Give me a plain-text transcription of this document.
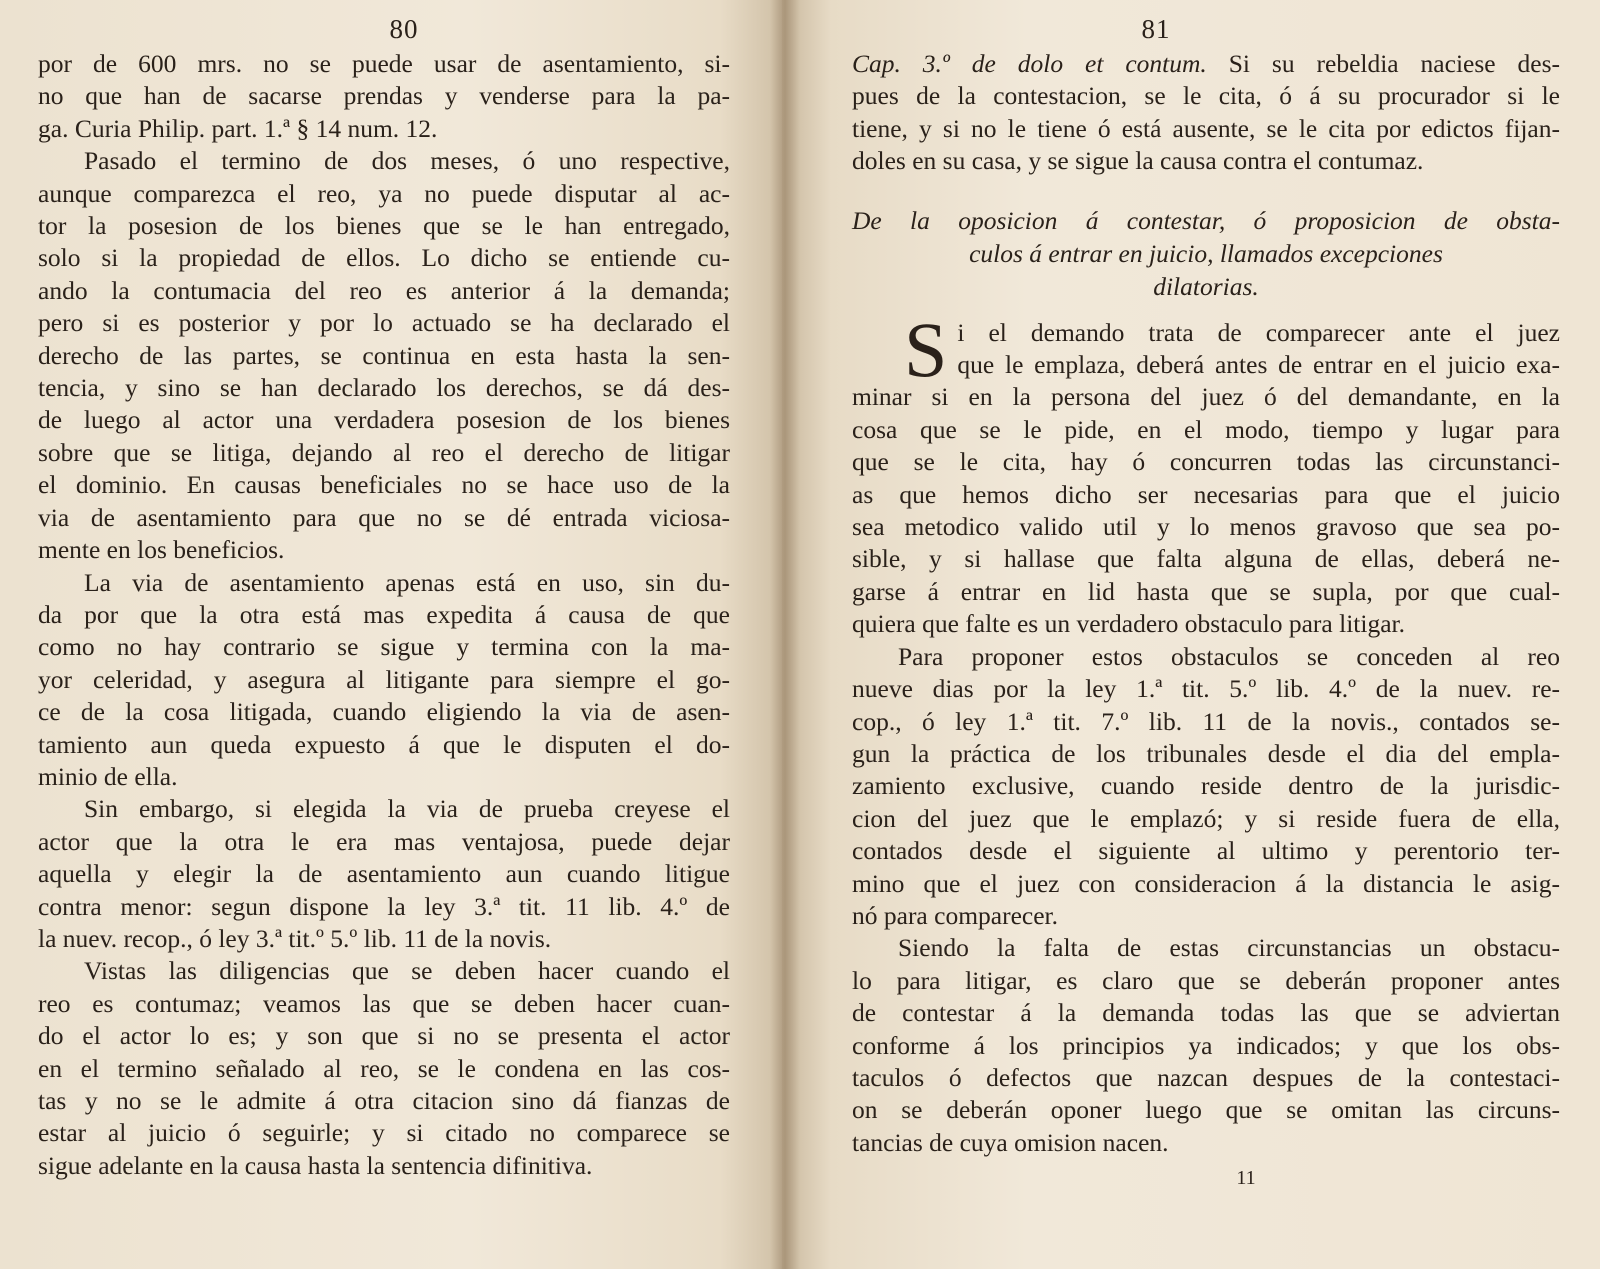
80

por de 600 mrs. no se puede usar de asentamiento, si-
no que han de sacarse prendas y venderse para la pa-
ga. Curia Philip. part. 1.ª § 14 num. 12.

Pasado el termino de dos meses, ó uno respective,
aunque comparezca el reo, ya no puede disputar al ac-
tor la posesion de los bienes que se le han entregado,
solo si la propiedad de ellos. Lo dicho se entiende cu-
ando la contumacia del reo es anterior á la demanda;
pero si es posterior y por lo actuado se ha declarado el
derecho de las partes, se continua en esta hasta la sen-
tencia, y sino se han declarado los derechos, se dá des-
de luego al actor una verdadera posesion de los bienes
sobre que se litiga, dejando al reo el derecho de litigar
el dominio. En causas beneficiales no se hace uso de la
via de asentamiento para que no se dé entrada viciosa-
mente en los beneficios.

La via de asentamiento apenas está en uso, sin du-
da por que la otra está mas expedita á causa de que
como no hay contrario se sigue y termina con la ma-
yor celeridad, y asegura al litigante para siempre el go-
ce de la cosa litigada, cuando eligiendo la via de asen-
tamiento aun queda expuesto á que le disputen el do-
minio de ella.

Sin embargo, si elegida la via de prueba creyese el
actor que la otra le era mas ventajosa, puede dejar
aquella y elegir la de asentamiento aun cuando litigue
contra menor: segun dispone la ley 3.ª tit. 11 lib. 4.º de
la nuev. recop., ó ley 3.ª tit.º 5.º lib. 11 de la novis.

Vistas las diligencias que se deben hacer cuando el
reo es contumaz; veamos las que se deben hacer cuan-
do el actor lo es; y son que si no se presenta el actor
en el termino señalado al reo, se le condena en las cos-
tas y no se le admite á otra citacion sino dá fianzas de
estar al juicio ó seguirle; y si citado no comparece se
sigue adelante en la causa hasta la sentencia difinitiva.

81

Cap. 3.º de dolo et contum. Si su rebeldia naciese des-
pues de la contestacion, se le cita, ó á su procurador si le
tiene, y si no le tiene ó está ausente, se le cita por edictos fijan-
doles en su casa, y se sigue la causa contra el contumaz.

De la oposicion á contestar, ó proposicion de obsta-
culos á entrar en juicio, llamados excepciones
dilatorias.

S i el demando trata de comparecer ante el juez
que le emplaza, deberá antes de entrar en el juicio exa-
minar si en la persona del juez ó del demandante, en la
cosa que se le pide, en el modo, tiempo y lugar para
que se le cita, hay ó concurren todas las circunstanci-
as que hemos dicho ser necesarias para que el juicio
sea metodico valido util y lo menos gravoso que sea po-
sible, y si hallase que falta alguna de ellas, deberá ne-
garse á entrar en lid hasta que se supla, por que cual-
quiera que falte es un verdadero obstaculo para litigar.

Para proponer estos obstaculos se conceden al reo
nueve dias por la ley 1.ª tit. 5.º lib. 4.º de la nuev. re-
cop., ó ley 1.ª tit. 7.º lib. 11 de la novis., contados se-
gun la práctica de los tribunales desde el dia del empla-
zamiento exclusive, cuando reside dentro de la jurisdic-
cion del juez que le emplazó; y si reside fuera de ella,
contados desde el siguiente al ultimo y perentorio ter-
mino que el juez con consideracion á la distancia le asig-
nó para comparecer.

Siendo la falta de estas circunstancias un obstacu-
lo para litigar, es claro que se deberán proponer antes
de contestar á la demanda todas las que se adviertan
conforme á los principios ya indicados; y que los obs-
taculos ó defectos que nazcan despues de la contestaci-
on se deberán oponer luego que se omitan las circuns-
tancias de cuya omision nacen.

11
